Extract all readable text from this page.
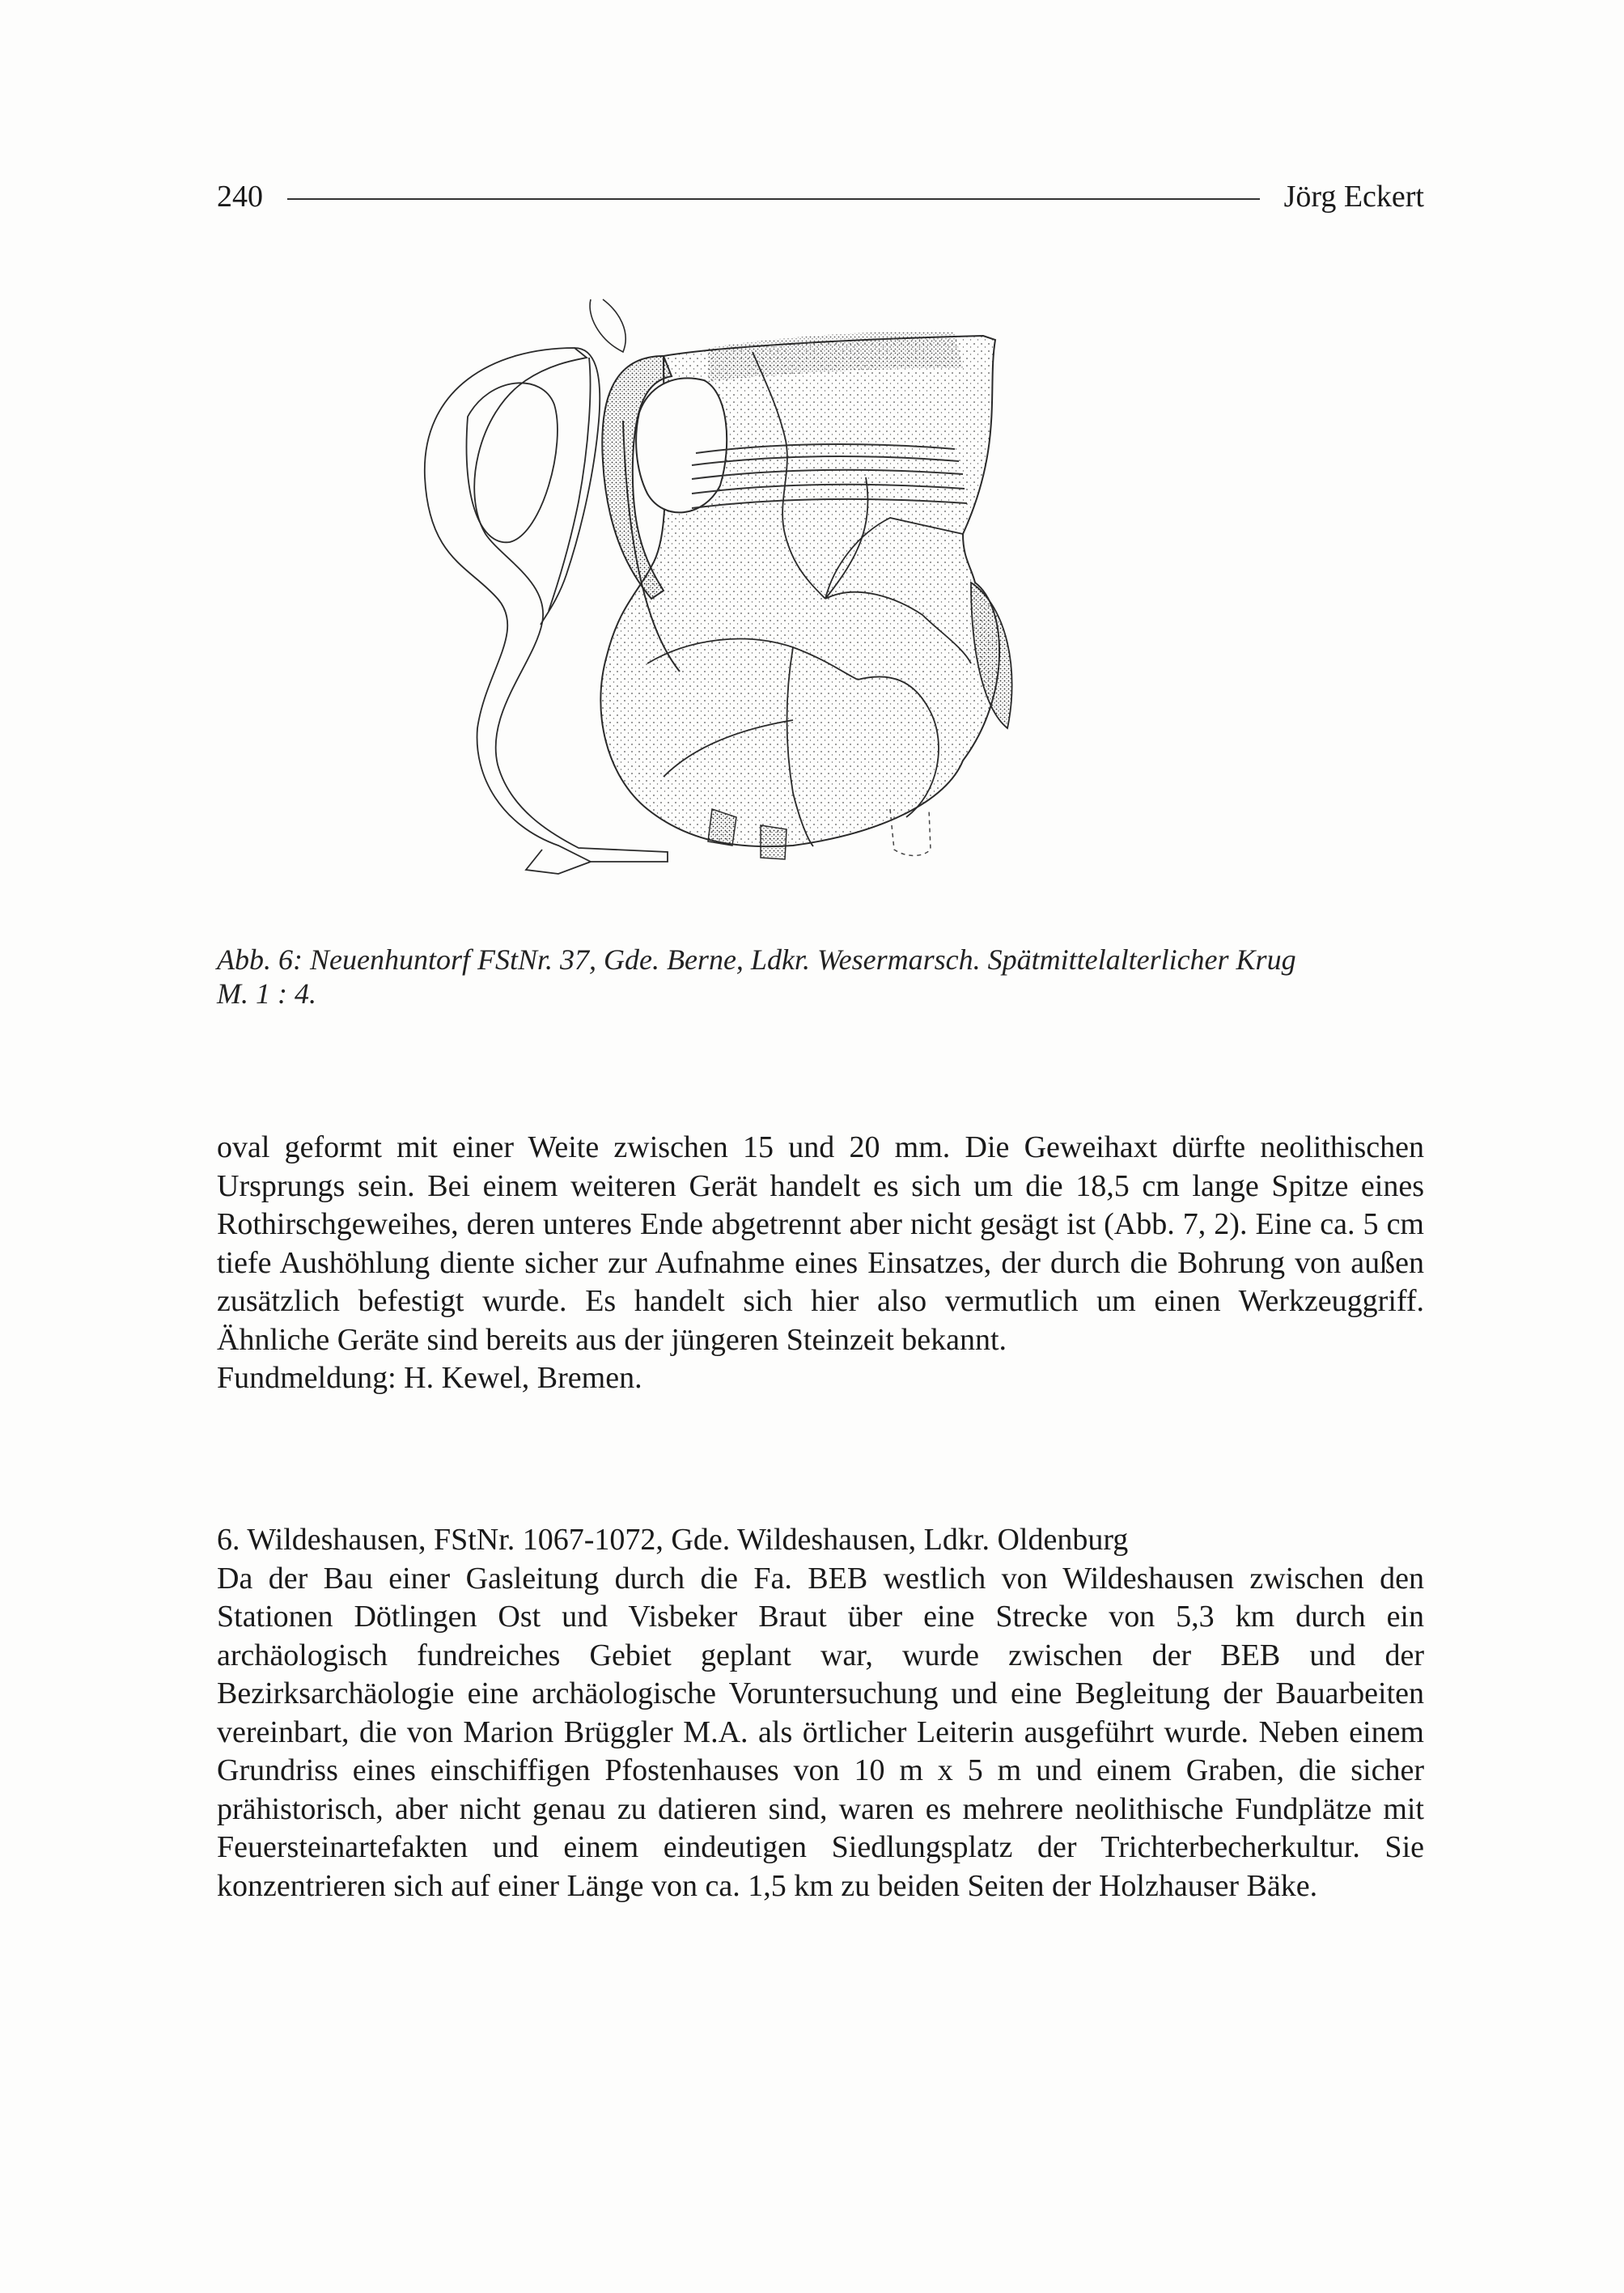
240	Jörg Eckert
Abb. 6: Neuenhuntorf FStNr. 37, Gde. Berne, Ldkr. Wesermarsch. Spätmittelalterlicher Krug
M. 1 : 4.

oval geformt mit einer Weite zwischen 15 und 20 mm. Die Geweihaxt dürfte neolithischen Ursprungs sein. Bei einem weiteren Gerät handelt es sich um die 18,5 cm lange Spitze eines Rothirschgeweihes, deren unteres Ende abgetrennt aber nicht gesägt ist (Abb. 7, 2). Eine ca. 5 cm tiefe Aushöhlung diente sicher zur Aufnahme eines Einsatzes, der durch die Bohrung von außen zusätzlich befestigt wurde. Es handelt sich hier also vermutlich um einen Werkzeuggriff. Ähnliche Geräte sind bereits aus der jüngeren Steinzeit bekannt.

Fundmeldung: H. Kewel, Bremen.

6. Wildeshausen, FStNr. 1067-1072, Gde. Wildeshausen, Ldkr. Oldenburg

Da der Bau einer Gasleitung durch die Fa. BEB westlich von Wildeshausen zwischen den Stationen Dötlingen Ost und Visbeker Braut über eine Strecke von 5,3 km durch ein archäologisch fundreiches Gebiet geplant war, wurde zwischen der BEB und der Bezirksarchäologie eine archäologische Voruntersuchung und eine Begleitung der Bauarbeiten vereinbart, die von Marion Brüggler M.A. als örtlicher Leiterin ausgeführt wurde. Neben einem Grundriss eines einschiffigen Pfostenhauses von 10 m x 5 m und einem Graben, die sicher prähistorisch, aber nicht genau zu datieren sind, waren es mehrere neolithische Fundplätze mit Feuersteinartefakten und einem eindeutigen Siedlungsplatz der Trichterbecherkultur. Sie konzentrieren sich auf einer Länge von ca. 1,5 km zu beiden Seiten der Holzhauser Bäke.
